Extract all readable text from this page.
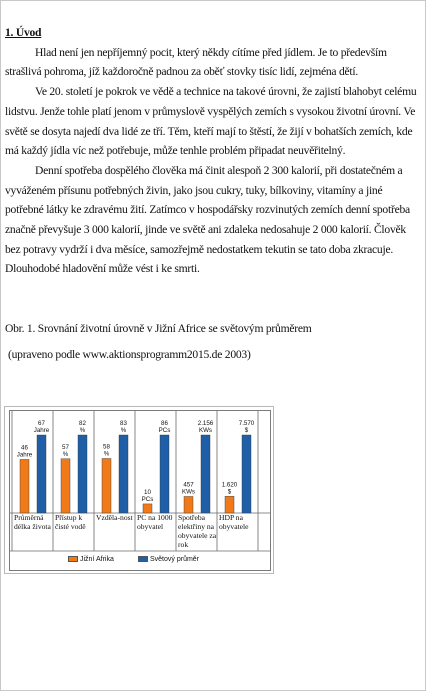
1. Úvod

Hlad není jen nepříjemný pocit, který někdy cítíme před jídlem. Je to především strašlivá pohroma, jíž každoročně padnou za oběť stovky tisíc lidí, zejména dětí.

Ve 20. století je pokrok ve vědě a technice na takové úrovni, že zajistí blahobyt celému lidstvu. Jenže tohle platí jenom v průmyslově vyspělých zemích s vysokou životní úrovní. Ve světě se dosyta najedí dva lidé ze tří. Těm, kteří mají to štěstí, že žijí v bohatších zemích, kde má každý jídla víc než potřebuje, může tenhle problém připadat neuvěřitelný.

Denní spotřeba dospělého člověka má činit alespoň 2 300 kalorií, při dostatečném a vyváženém přísunu potřebných živin, jako jsou cukry, tuky, bílkoviny, vitamíny a jiné potřebné látky ke zdravému žití. Zatímco v hospodářsky rozvinutých zemích denní spotřeba značně převyšuje 3 000 kalorií, jinde ve světě ani zdaleka nedosahuje 2 000 kalorií. Člověk bez potravy vydrží i dva měsíce, samozřejmě nedostatkem tekutin se tato doba zkracuje. Dlouhodobé hladovění může vést i ke smrti.

Obr. 1. Srovnání životní úrovně v Jižní Africe se světovým průměrem

(upraveno podle www.aktionsprogramm2015.de 2003)

46 Jahre
67 Jahre
57 %
82 %
58 %
83 %
10 PCs
86 PCs
457 KWs
2.156 KWs
1.620 $
7.570 $
Průměrná délka života
Přístup k čisté vodě
Vzděla-nost PC na 1000 obyvatel
Spotřeba elektřiny na obyvatele za rok
HDP na obyvatele
Jižní Afrika	Světový průměr
